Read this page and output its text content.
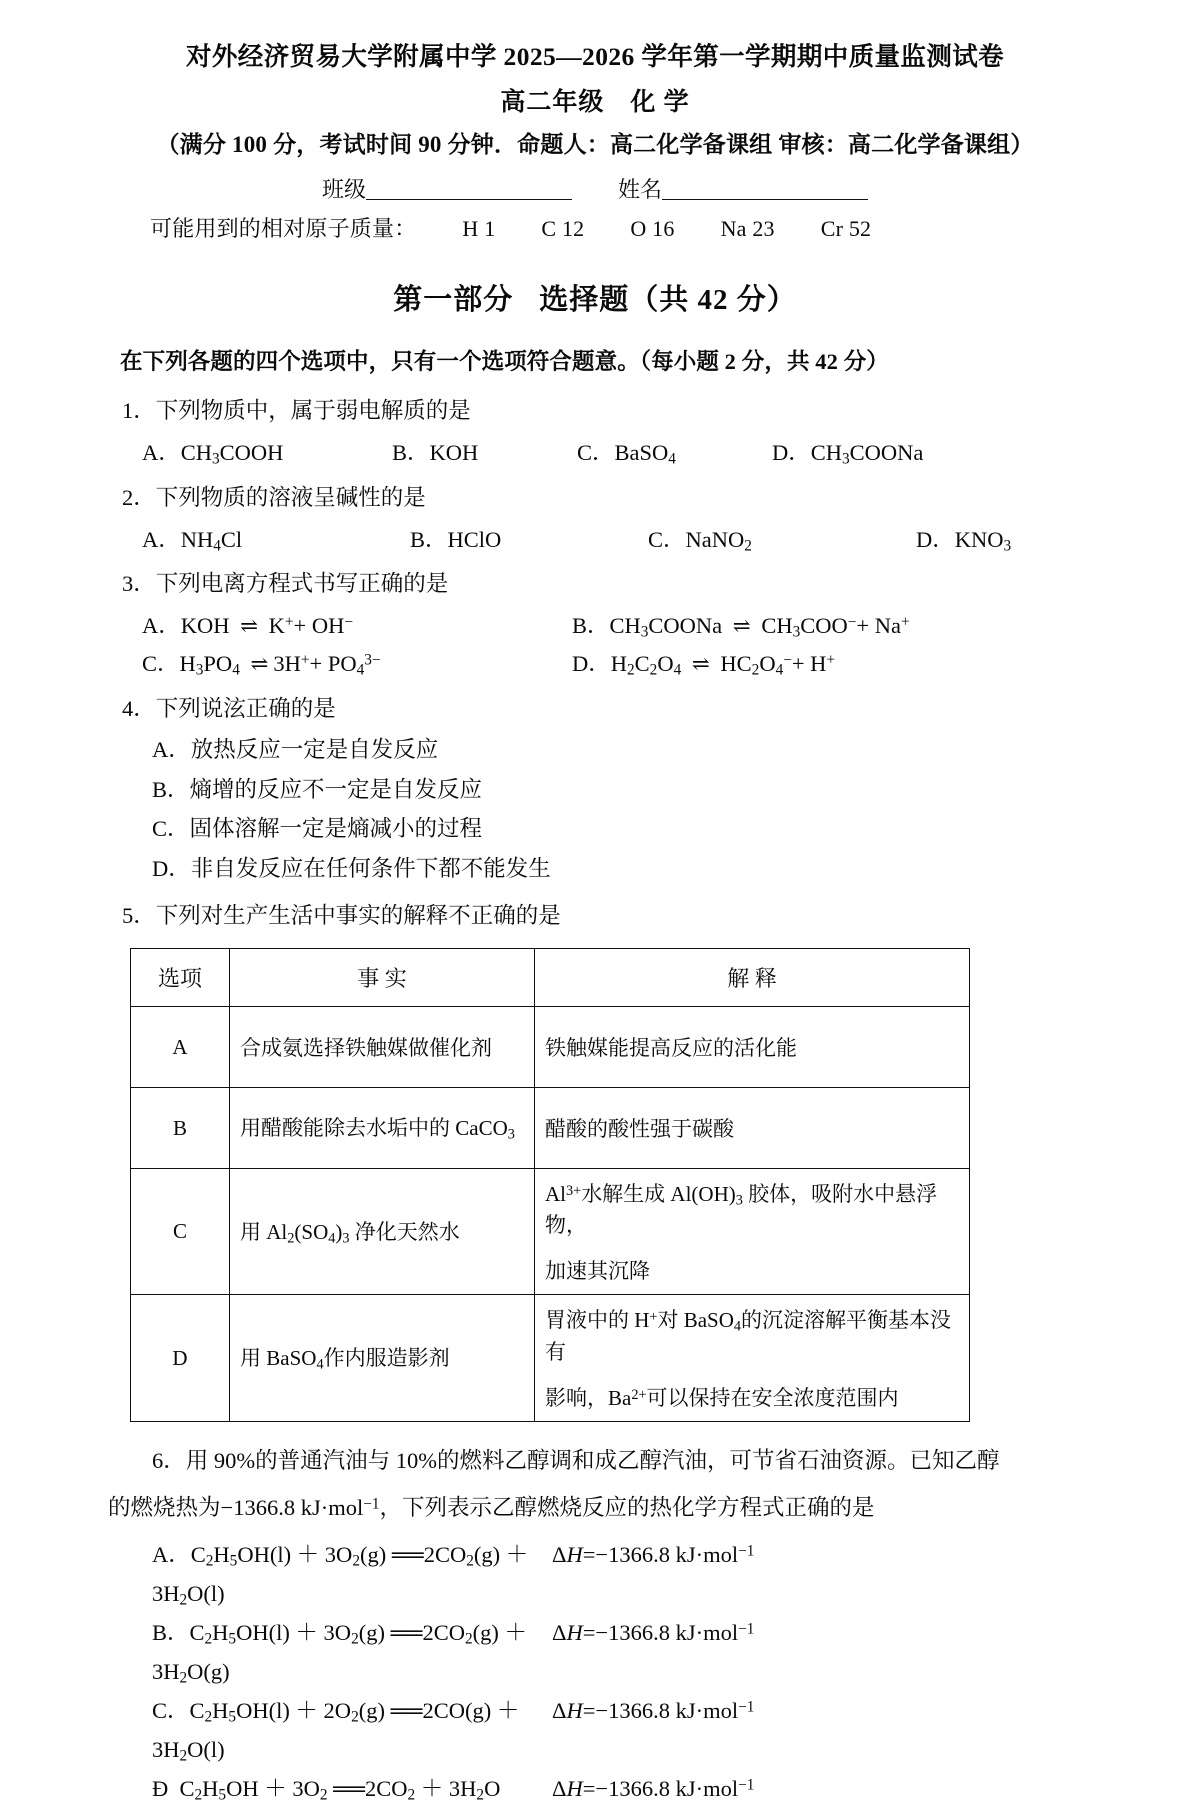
对外经济贸易大学附属中学 2025—2026 学年第一学期期中质量监测试卷
高二年级 化 学
（满分 100 分，考试时间 90 分钟．命题人：高二化学备课组 审核：高二化学备课组）
班级	姓名
可能用到的相对原子质量： H 1 C 12 O 16 Na 23 Cr 52
第一部分 选择题（共 42 分）
在下列各题的四个选项中，只有一个选项符合题意。（每小题 2 分，共 42 分）
1．下列物质中，属于弱电解质的是
A．$CH_3COOH$	B．KOH	C．BaSO$_4$	D．$CH_3COONa$
2．下列物质的溶液呈碱性的是
A．$NH_4Cl$	B．HClO	C．NaNO$_2$	D．$KNO_3$
3．下列电离方程式书写正确的是
A．KOH ⇌ K++ OH−	B．$CH_3COONa$ ⇌ $CH_3COO^-+ Na^+$
C．$H_3PO_4$ ⇌ $3H^++ PO_4^{3-}$	D．$H_2C_2O_4$ ⇌ $HC_2O_4^-+ H^+$
4．下列说泫正确的是
A．放热反应一定是自发反应
B．熵增的反应不一定是自发反应
C．固体溶解一定是熵减小的过程
D．非自发反应在任何条件下都不能发生
5．下列对生产生活中事实的解释不正确的是
选项	事 实	解 释
A	合成氨选择铁触媒做催化剂	铁触媒能提高反应的活化能
B	用醋酸能除去水垢中的 CaCO$_3$	醋酸的酸性强于碳酸
C	用 $Al_2(SO_4)_3$ 净化天然水	$Al^{3+}$水解生成 $Al(OH)_3$ 胶体，吸附水中悬浮物，
加速其沉降

D	用 BaSO$_4$作内服造影剂	胃液中的 H+对 BaSO$_4$的沉淀溶解平衡基本没有
影响，$Ba^{2+}$可以保持在安全浓度范围内
6．用 90%的普通汽油与 10%的燃料乙醇调和成乙醇汽油，可节省石油资源。已知乙醇
的燃烧热为−1366.8 kJ·mol$^{-1}$，下列表示乙醇燃烧反应的热化学方程式正确的是
A．$C_2H_5OH(l) + 3O_2(g)$ $══2CO_2(g) + 3H_2O(l)$
ΔH=−1366.8 kJ·mol$^{-1}$
B．$C_2H_5OH(l) + 3O_2(g)$ $══2CO_2(g) + 3H_2O(g)$
ΔH=−1366.8 kJ·mol$^{-1}$
C．$C_2H_5OH(l) + 2O_2(g)$ ══2CO(g) ＋ $3H_2O(l)$
ΔH=−1366.8 kJ·mol$^{-1}$
Ɖ  $C_2H_5OH + 3O_2$ $══2CO_2 + 3H_2O$	ΔH=−1366.8 kJ·mol$^{-1}$
